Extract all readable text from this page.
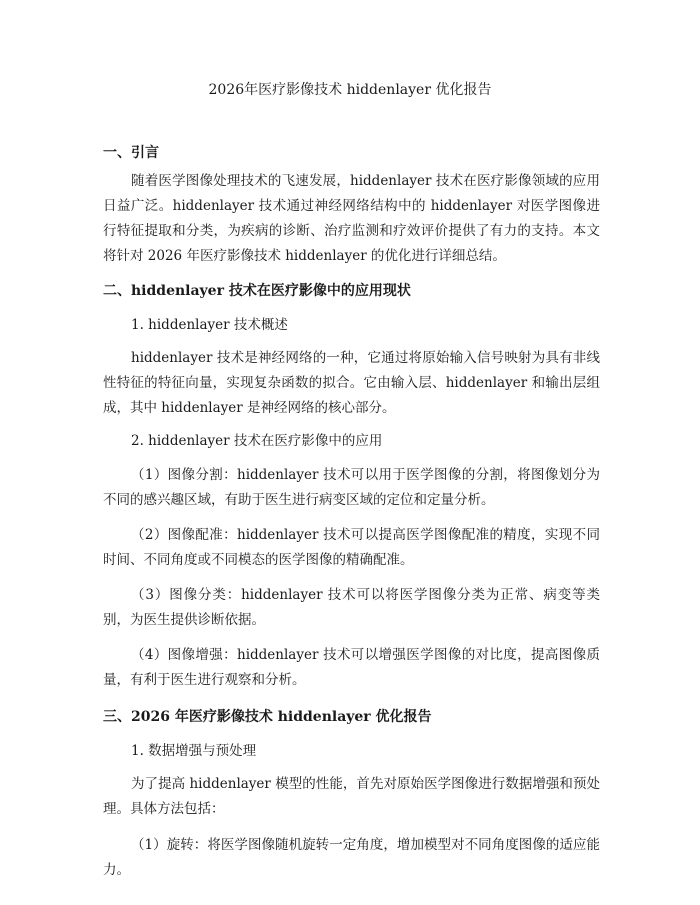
2026年医疗影像技术 hiddenlayer 优化报告

一、引言

随着医学图像处理技术的飞速发展，hiddenlayer 技术在医疗影像领域的应用日益广泛。hiddenlayer 技术通过神经网络结构中的 hiddenlayer 对医学图像进行特征提取和分类，为疾病的诊断、治疗监测和疗效评价提供了有力的支持。本文将针对 2026 年医疗影像技术 hiddenlayer 的优化进行详细总结。

二、hiddenlayer 技术在医疗影像中的应用现状

1. hiddenlayer 技术概述

hiddenlayer 技术是神经网络的一种，它通过将原始输入信号映射为具有非线性特征的特征向量，实现复杂函数的拟合。它由输入层、hiddenlayer 和输出层组成，其中 hiddenlayer 是神经网络的核心部分。

2. hiddenlayer 技术在医疗影像中的应用

（1）图像分割：hiddenlayer 技术可以用于医学图像的分割，将图像划分为不同的感兴趣区域，有助于医生进行病变区域的定位和定量分析。

（2）图像配准：hiddenlayer 技术可以提高医学图像配准的精度，实现不同时间、不同角度或不同模态的医学图像的精确配准。

（3）图像分类：hiddenlayer 技术可以将医学图像分类为正常、病变等类别，为医生提供诊断依据。

（4）图像增强：hiddenlayer 技术可以增强医学图像的对比度，提高图像质量，有利于医生进行观察和分析。

三、2026 年医疗影像技术 hiddenlayer 优化报告

1. 数据增强与预处理

为了提高 hiddenlayer 模型的性能，首先对原始医学图像进行数据增强和预处理。具体方法包括：

（1）旋转：将医学图像随机旋转一定角度，增加模型对不同角度图像的适应能力。
